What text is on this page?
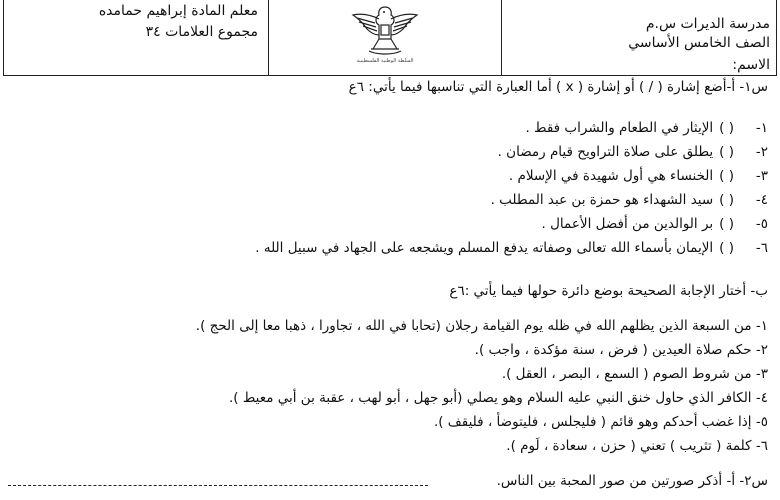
معلم المادة إبراهيم حمامده
مجموع العلامات ٣٤
السلطة الوطنية الفلسطينية
مدرسة الديرات س.م
الصف الخامس الأساسي
الاسم:
س١- أ-أضع إشارة ( / ) أو إشارة ( x ) أما العبارة التي تناسبها فيما يأتي: ٦ع
١-( )الإيثار في الطعام والشراب فقط .
٢-( )يطلق على صلاة التراويح قيام رمضان .
٣-( )الخنساء هي أول شهيدة في الإسلام .
٤-( )سيد الشهداء هو حمزة بن عبد المطلب .
٥-( )بر الوالدين من أفضل الأعمال .
٦-( )الإيمان بأسماء الله تعالى وصفاته يدفع المسلم ويشجعه على الجهاد في سبيل الله .
ب- أختار الإجابة الصحيحة بوضع دائرة حولها فيما يأتي :٦ع
١- من السبعة الذين يظلهم الله في ظله يوم القيامة رجلان (تحابا في الله ، تجاورا ، ذهبا معا إلى الحج ).
٢- حكم صلاة العيدين ( فرض ، سنة مؤكدة ، واجب ).
٣- من شروط الصوم ( السمع ، البصر ، العقل ).
٤- الكافر الذي حاول خنق النبي عليه السلام وهو يصلي (أبو جهل ، أبو لهب ، عقبة بن أبي معيط ).
٥- إذا غضب أحدكم وهو قائم ( فليجلس ، فليتوضأ ، فليقف ).
٦- كلمة ( تثريب ) تعني ( حزن ، سعادة ، لَوم ).
س٢- أ- أذكر صورتين من صور المحبة بين الناس.
